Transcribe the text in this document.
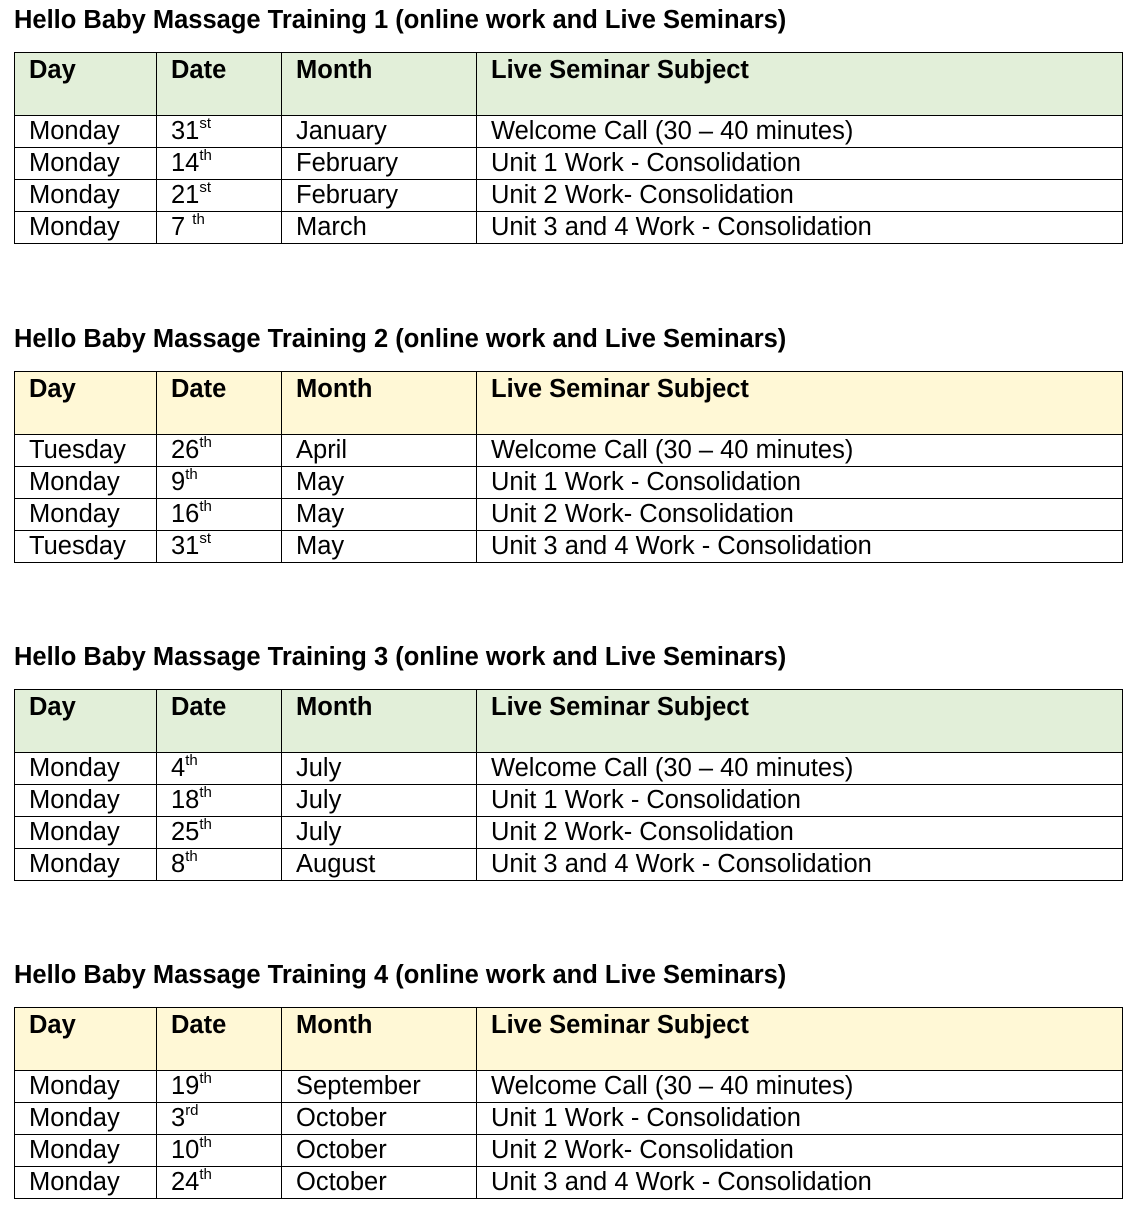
Hello Baby Massage Training 1 (online work and Live Seminars)
Day	Date	Month	Live Seminar Subject
Monday	31st	January	Welcome Call (30 – 40 minutes)
Monday	14th	February	Unit 1 Work - Consolidation
Monday	21st	February	Unit 2 Work- Consolidation
Monday	7 $^{th}$	March	Unit 3 and 4 Work - Consolidation
Hello Baby Massage Training 2 (online work and Live Seminars)
Day	Date	Month	Live Seminar Subject
Tuesday	26th	April	Welcome Call (30 – 40 minutes)
Monday	9th	May	Unit 1 Work - Consolidation
Monday	16th	May	Unit 2 Work- Consolidation
Tuesday	31st	May	Unit 3 and 4 Work - Consolidation
Hello Baby Massage Training 3 (online work and Live Seminars)
Day	Date	Month	Live Seminar Subject
Monday	4th	July	Welcome Call (30 – 40 minutes)
Monday	18th	July	Unit 1 Work - Consolidation
Monday	25th	July	Unit 2 Work- Consolidation
Monday	8th	August	Unit 3 and 4 Work - Consolidation
Hello Baby Massage Training 4 (online work and Live Seminars)
Day	Date	Month	Live Seminar Subject
Monday	19th	September	Welcome Call (30 – 40 minutes)
Monday	3rd	October	Unit 1 Work - Consolidation
Monday	10th	October	Unit 2 Work- Consolidation
Monday	24th	October	Unit 3 and 4 Work - Consolidation
